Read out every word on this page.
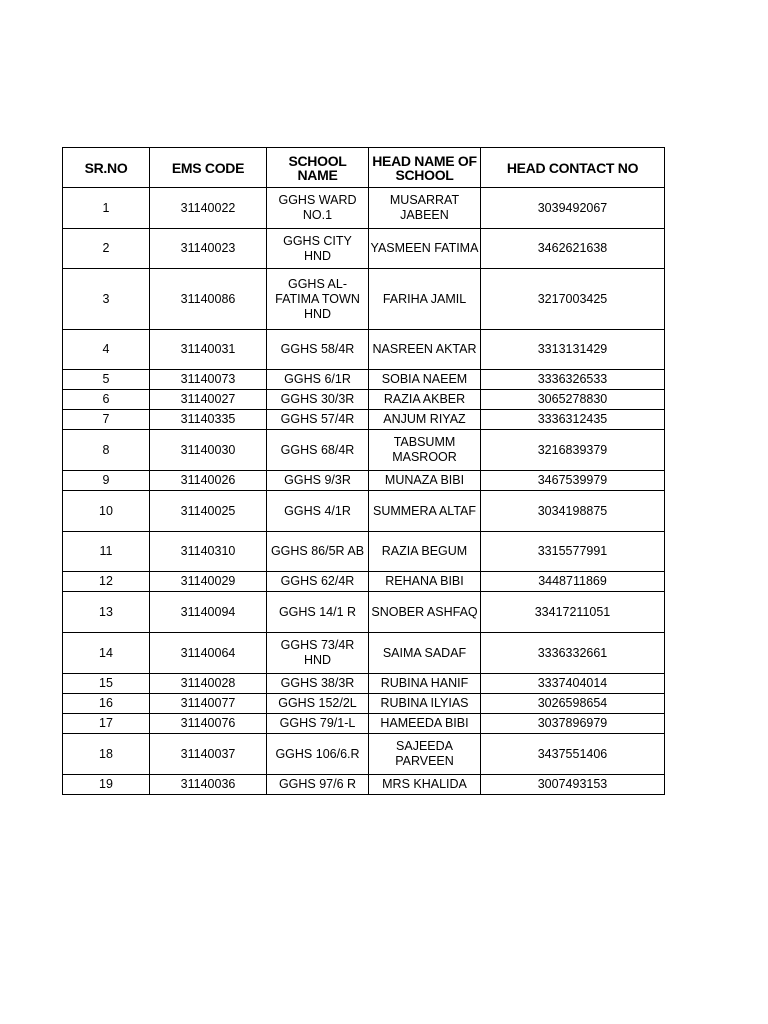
SR.NO	EMS CODE	SCHOOL NAME	HEAD NAME OF SCHOOL	HEAD CONTACT NO
1	31140022	GGHS WARD NO.1	MUSARRAT JABEEN	3039492067
2	31140023	GGHS CITY HND	YASMEEN FATIMA	3462621638
3	31140086	GGHS AL-FATIMA TOWN HND	FARIHA JAMIL	3217003425
4	31140031	GGHS 58/4R	NASREEN AKTAR	3313131429
5	31140073	GGHS 6/1R	SOBIA NAEEM	3336326533
6	31140027	GGHS 30/3R	RAZIA AKBER	3065278830
7	31140335	GGHS 57/4R	ANJUM RIYAZ	3336312435
8	31140030	GGHS 68/4R	TABSUMM MASROOR	3216839379
9	31140026	GGHS 9/3R	MUNAZA BIBI	3467539979
10	31140025	GGHS 4/1R	SUMMERA ALTAF	3034198875
11	31140310	GGHS 86/5R AB	RAZIA BEGUM	3315577991
12	31140029	GGHS 62/4R	REHANA BIBI	3448711869
13	31140094	GGHS 14/1 R	SNOBER ASHFAQ	33417211051
14	31140064	GGHS 73/4R HND	SAIMA SADAF	3336332661
15	31140028	GGHS 38/3R	RUBINA HANIF	3337404014
16	31140077	GGHS 152/2L	RUBINA ILYIAS	3026598654
17	31140076	GGHS 79/1-L	HAMEEDA BIBI	3037896979
18	31140037	GGHS 106/6.R	SAJEEDA PARVEEN	3437551406
19	31140036	GGHS 97/6 R	MRS KHALIDA	3007493153
